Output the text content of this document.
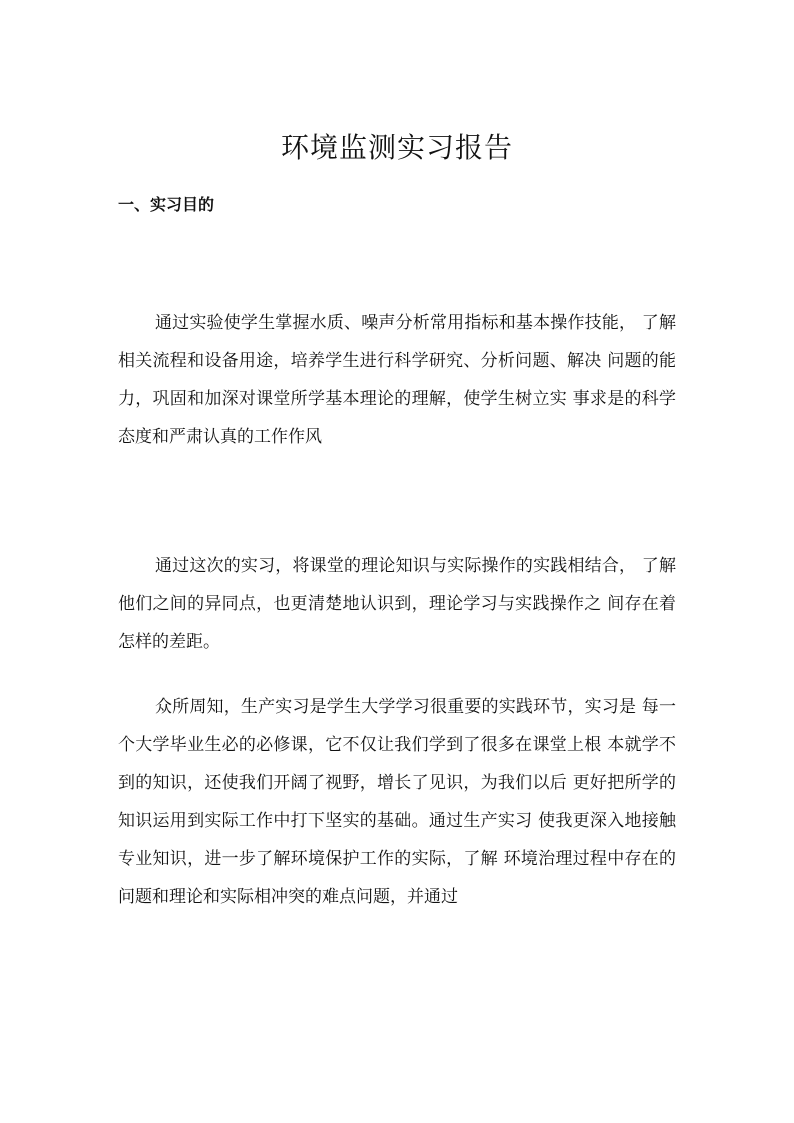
环境监测实习报告
一、实习目的
通过实验使学生掌握水质、噪声分析常用指标和基本操作技能， 了解
相关流程和设备用途，培养学生进行科学研究、分析问题、解决 问题的能
力，巩固和加深对课堂所学基本理论的理解，使学生树立实 事求是的科学
态度和严肃认真的工作作风
通过这次的实习，将课堂的理论知识与实际操作的实践相结合， 了解
他们之间的异同点，也更清楚地认识到，理论学习与实践操作之 间存在着
怎样的差距。
众所周知，生产实习是学生大学学习很重要的实践环节，实习是 每一
个大学毕业生必的必修课，它不仅让我们学到了很多在课堂上根 本就学不
到的知识，还使我们开阔了视野，增长了见识，为我们以后 更好把所学的
知识运用到实际工作中打下坚实的基础。通过生产实习 使我更深入地接触
专业知识，进一步了解环境保护工作的实际，了解 环境治理过程中存在的
问题和理论和实际相冲突的难点问题，并通过
